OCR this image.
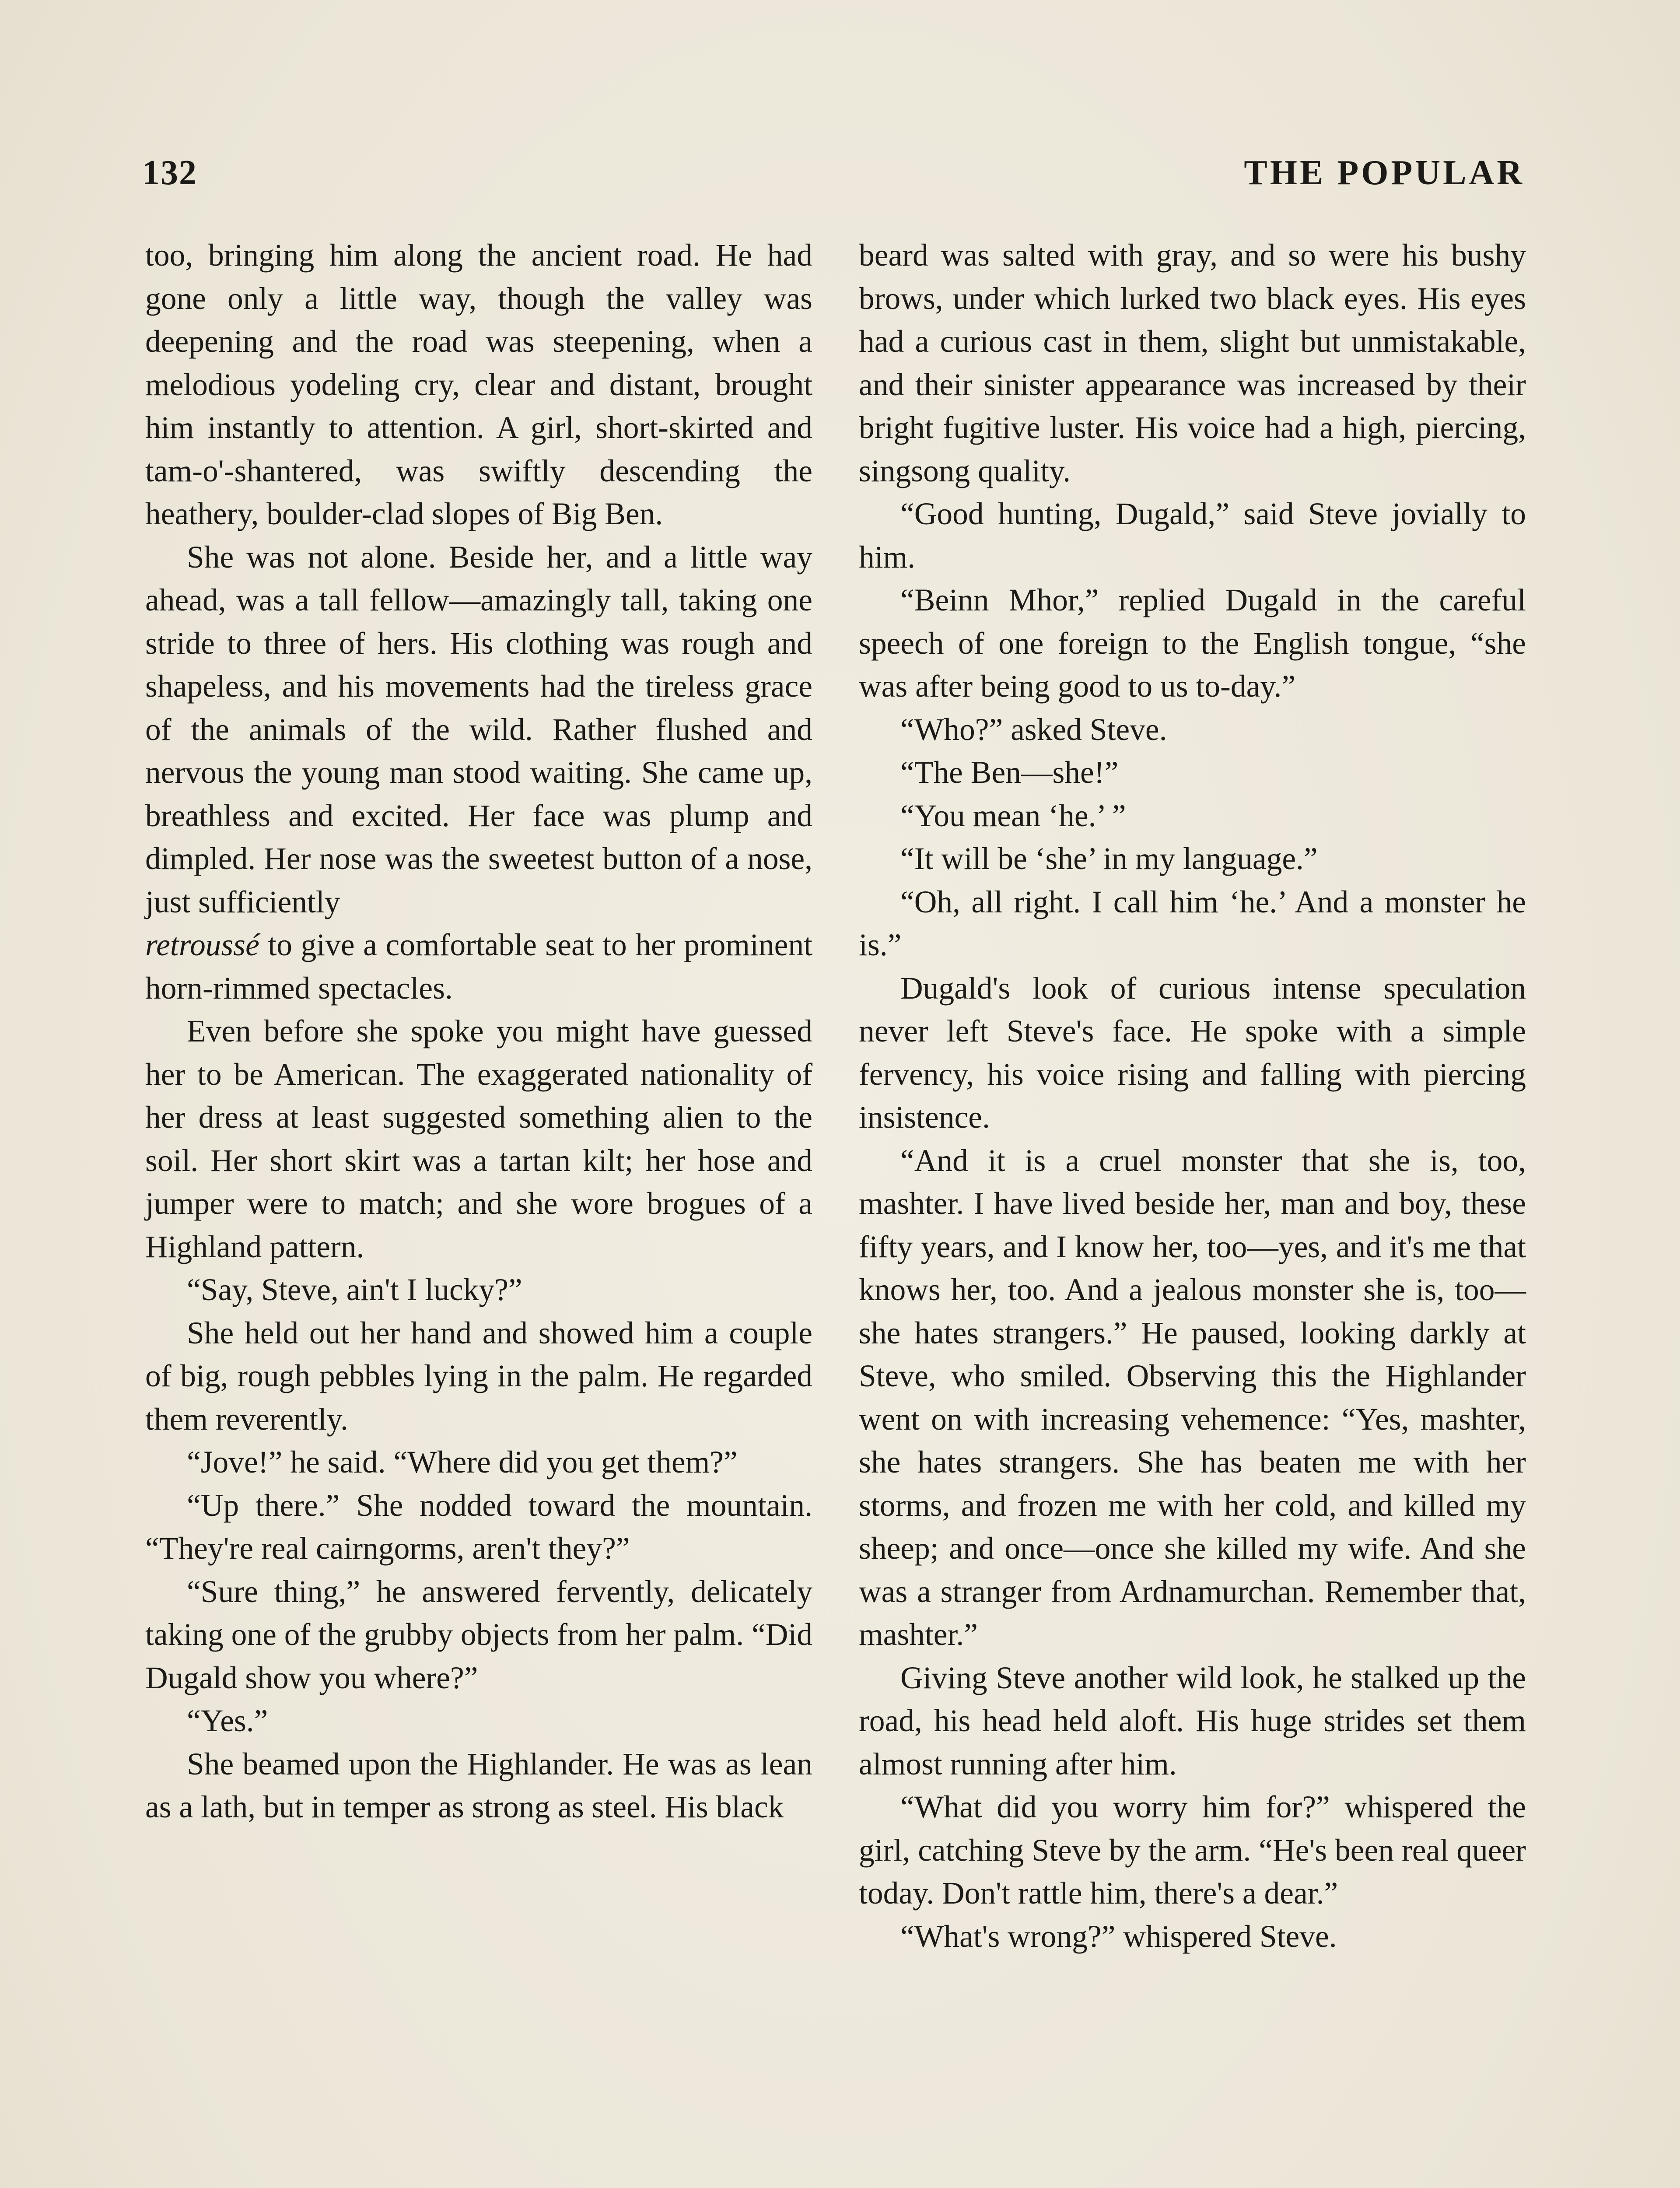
132	THE POPULAR

too, bringing him along the ancient road. He had gone only a little way, though the valley was deepening and the road was steepening, when a melodious yodeling cry, clear and distant, brought him instantly to attention. A girl, short-skirted and tam-o'-shantered, was swiftly descending the heathery, boulder-clad slopes of Big Ben.

She was not alone. Beside her, and a little way ahead, was a tall fellow—amazingly tall, taking one stride to three of hers. His clothing was rough and shapeless, and his movements had the tireless grace of the animals of the wild. Rather flushed and nervous the young man stood waiting. She came up, breathless and excited. Her face was plump and dimpled. Her nose was the sweetest button of a nose, just sufficiently

retroussé to give a comfortable seat to her prominent horn-rimmed spectacles.

Even before she spoke you might have guessed her to be American. The exaggerated nationality of her dress at least suggested something alien to the soil. Her short skirt was a tartan kilt; her hose and jumper were to match; and she wore brogues of a Highland pattern.

“Say, Steve, ain't I lucky?”

She held out her hand and showed him a couple of big, rough pebbles lying in the palm. He regarded them reverently.

“Jove!” he said. “Where did you get them?”

“Up there.” She nodded toward the mountain. “They're real cairngorms, aren't they?”

“Sure thing,” he answered fervently, delicately taking one of the grubby objects from her palm. “Did Dugald show you where?”

“Yes.”

She beamed upon the Highlander. He was as lean as a lath, but in temper as strong as steel. His black

beard was salted with gray, and so were his bushy brows, under which lurked two black eyes. His eyes had a curious cast in them, slight but unmistakable, and their sinister appearance was increased by their bright fugitive luster. His voice had a high, piercing, singsong quality.

“Good hunting, Dugald,” said Steve jovially to him.

“Beinn Mhor,” replied Dugald in the careful speech of one foreign to the English tongue, “she was after being good to us to-day.”

“Who?” asked Steve.

“The Ben—she!”

“You mean ‘he.’ ”

“It will be ‘she’ in my language.”

“Oh, all right. I call him ‘he.’ And a monster he is.”

Dugald's look of curious intense speculation never left Steve's face. He spoke with a simple fervency, his voice rising and falling with piercing insistence.

“And it is a cruel monster that she is, too, mashter. I have lived beside her, man and boy, these fifty years, and I know her, too—yes, and it's me that knows her, too. And a jealous monster she is, too—she hates strangers.” He paused, looking darkly at Steve, who smiled. Observing this the Highlander went on with increasing vehemence: “Yes, mashter, she hates strangers. She has beaten me with her storms, and frozen me with her cold, and killed my sheep; and once—once she killed my wife. And she was a stranger from Ardnamurchan. Remember that, mashter.”

Giving Steve another wild look, he stalked up the road, his head held aloft. His huge strides set them almost running after him.

“What did you worry him for?” whispered the girl, catching Steve by the arm. “He's been real queer today. Don't rattle him, there's a dear.”

“What's wrong?” whispered Steve.
